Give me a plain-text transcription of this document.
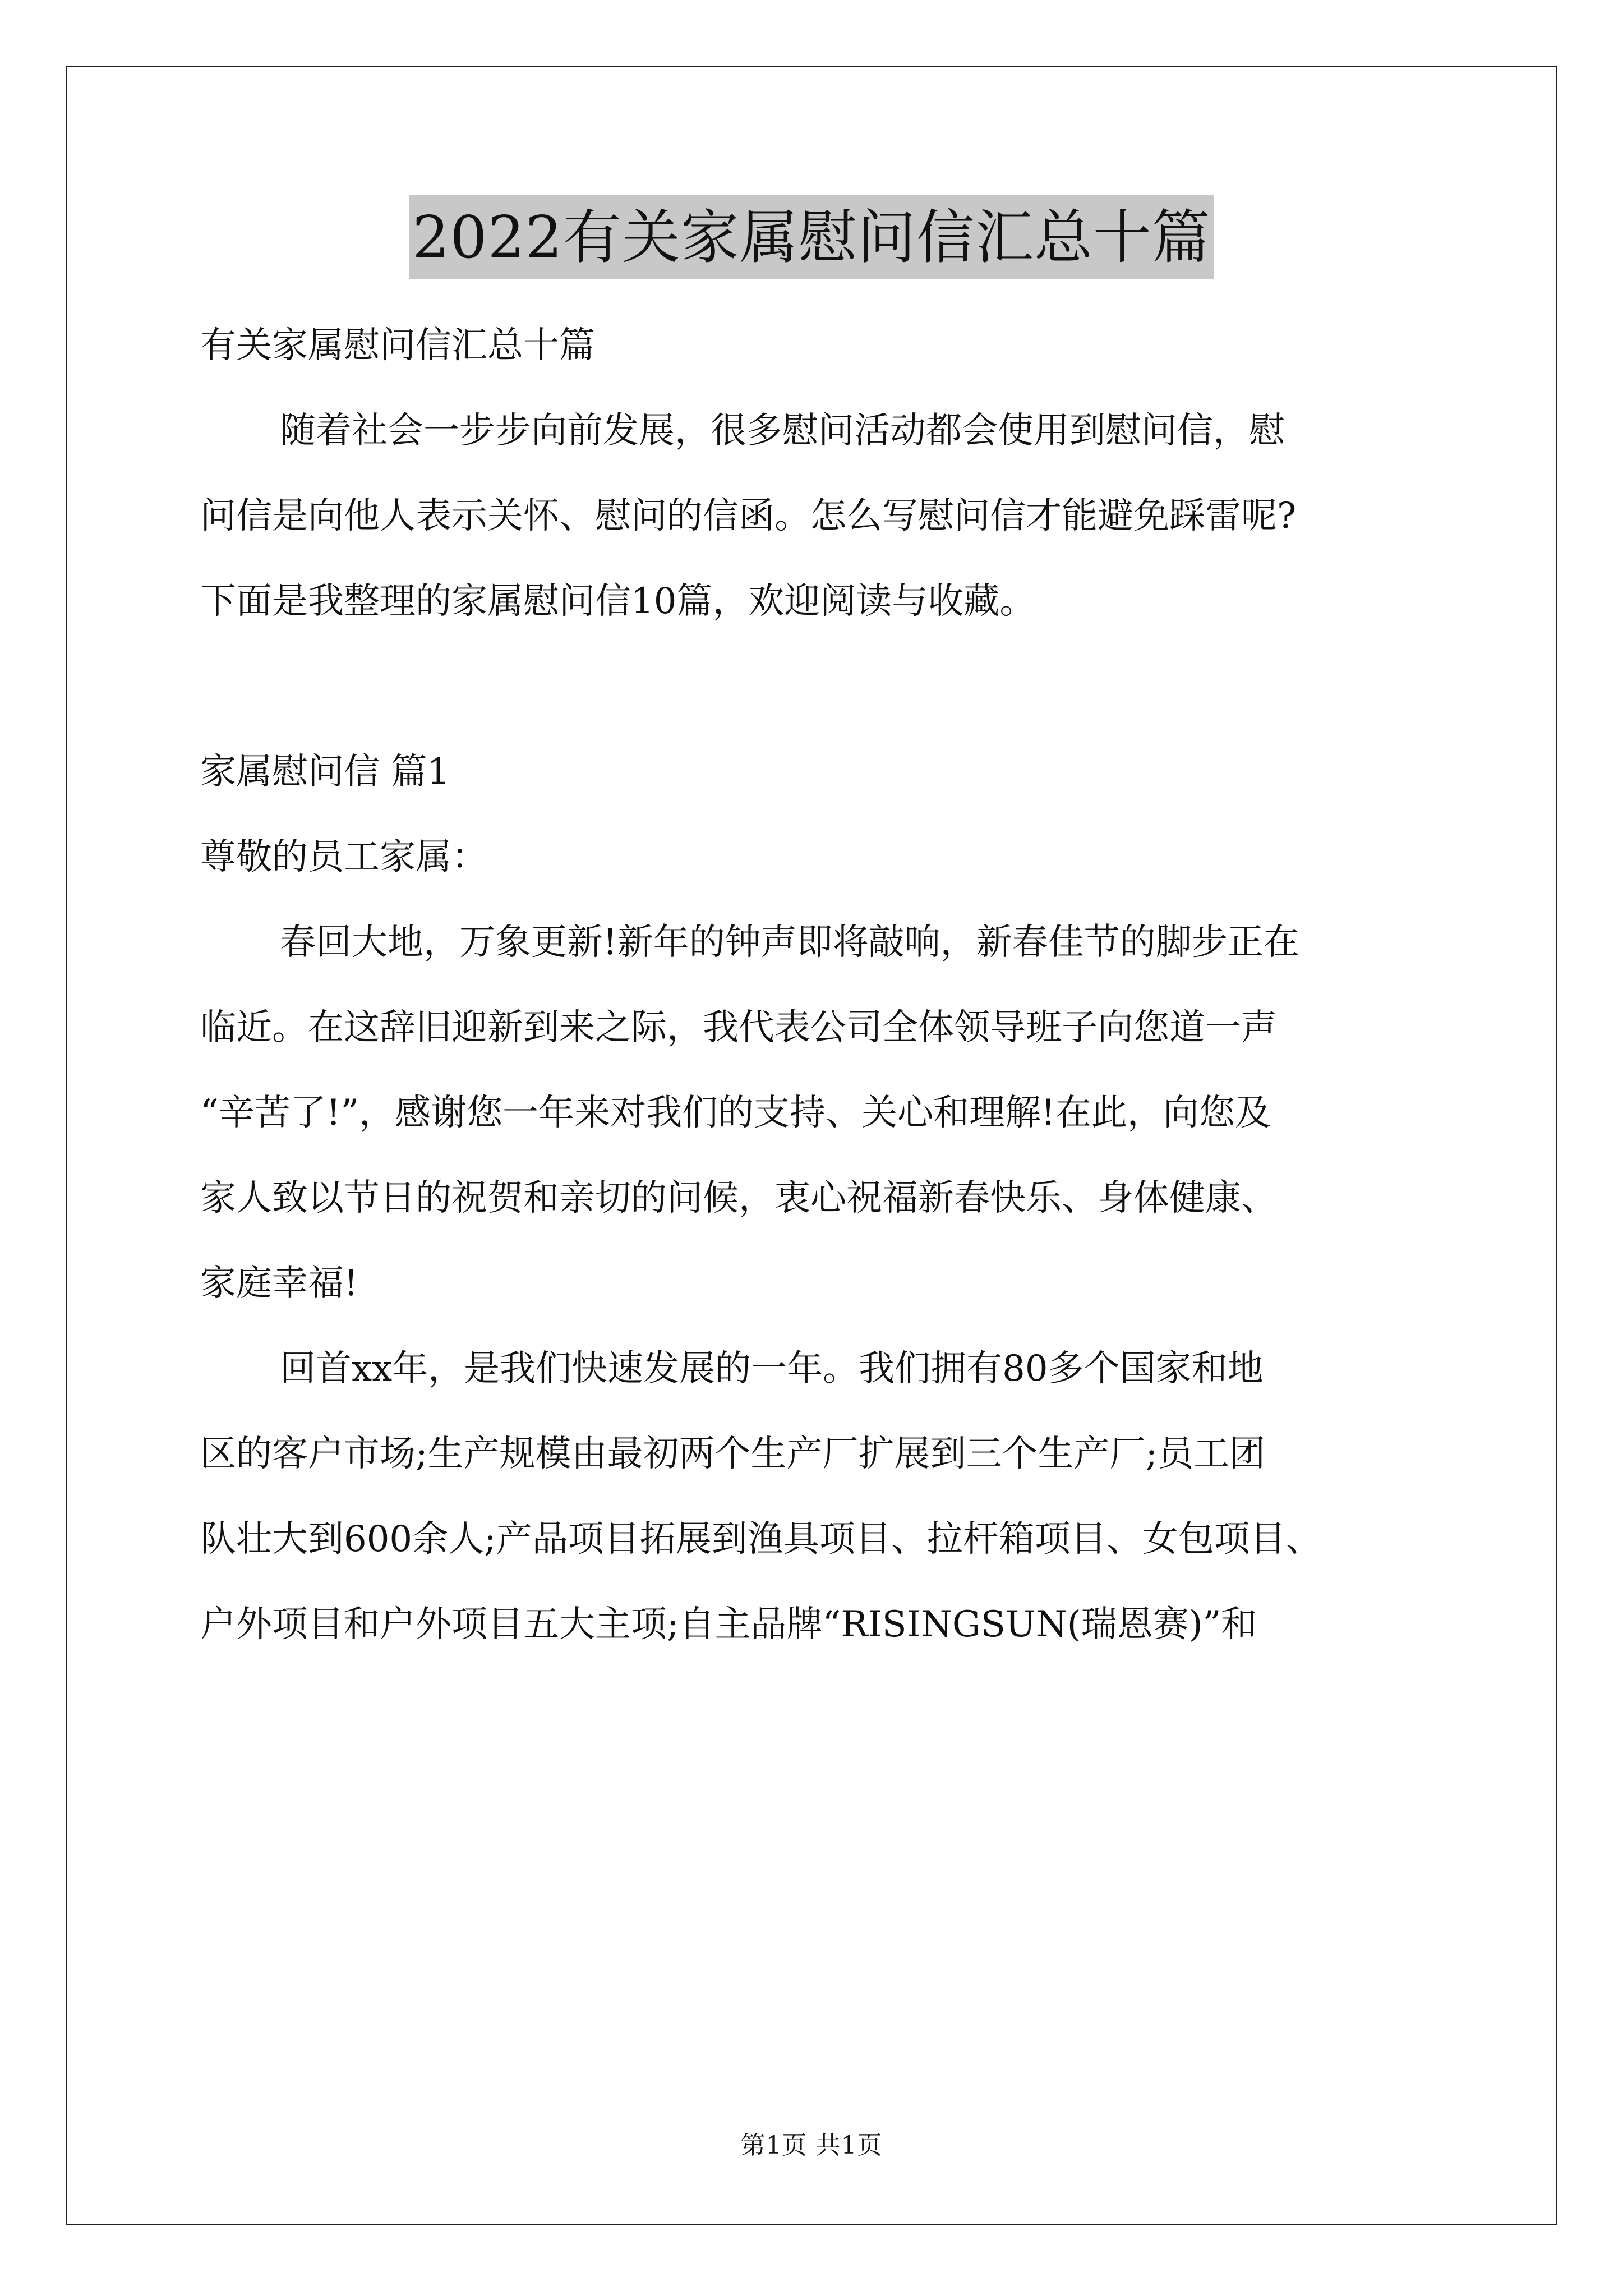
2022有关家属慰问信汇总十篇

有关家属慰问信汇总十篇

随着社会一步步向前发展，很多慰问活动都会使用到慰问信，慰

问信是向他人表示关怀、慰问的信函。怎么写慰问信才能避免踩雷呢?

下面是我整理的家属慰问信10篇，欢迎阅读与收藏。

家属慰问信 篇1

尊敬的员工家属：

春回大地，万象更新!新年的钟声即将敲响，新春佳节的脚步正在

临近。在这辞旧迎新到来之际，我代表公司全体领导班子向您道一声

“辛苦了!”，感谢您一年来对我们的支持、关心和理解!在此，向您及

家人致以节日的祝贺和亲切的问候，衷心祝福新春快乐、身体健康、

家庭幸福!

回首xx年，是我们快速发展的一年。我们拥有80多个国家和地

区的客户市场;生产规模由最初两个生产厂扩展到三个生产厂;员工团

队壮大到600余人;产品项目拓展到渔具项目、拉杆箱项目、女包项目、

户外项目和户外项目五大主项;自主品牌“RISINGSUN(瑞恩赛)”和

第1页 共1页
